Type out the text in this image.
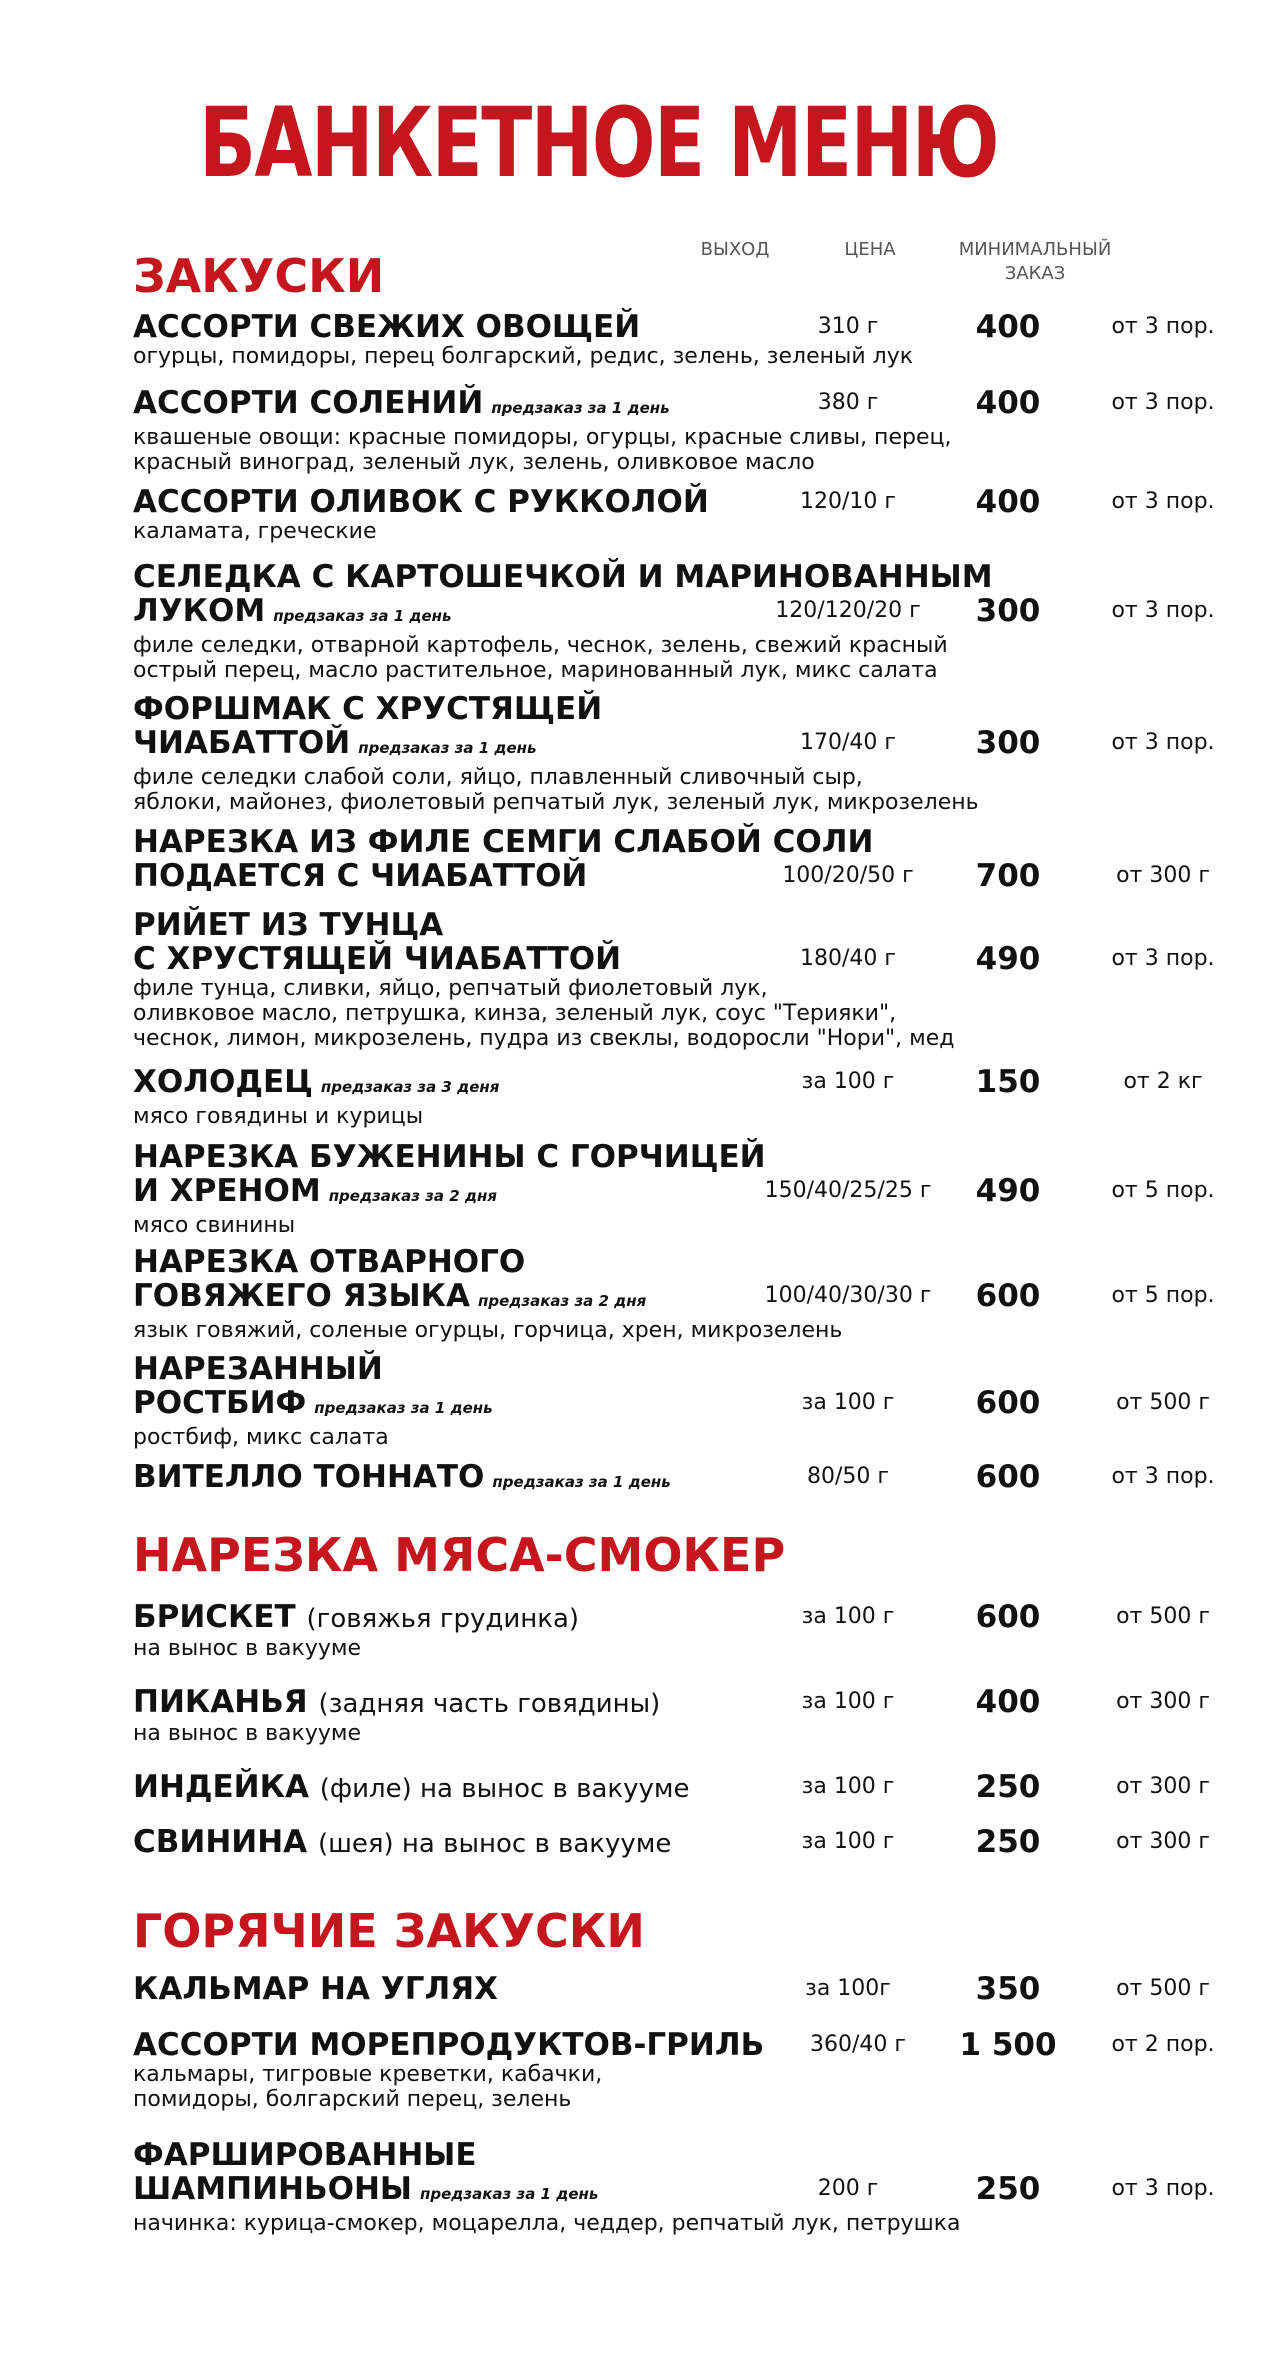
БАНКЕТНОЕ МЕНЮ
ВЫХОД	ЦЕНА	МИНИМАЛЬНЫЙ
ЗАКАЗ
ЗАКУСКИ
АССОРТИ СВЕЖИХ ОВОЩЕЙ
огурцы, помидоры, перец болгарский, редис, зелень, зеленый лук
310 г	400	от 3 пор.
АССОРТИ СОЛЕНИЙ предзаказ за 1 день
квашеные овощи: красные помидоры, огурцы, красные сливы, перец,
красный виноград, зеленый лук, зелень, оливковое масло
380 г	400	от 3 пор.
АССОРТИ ОЛИВОК С РУККОЛОЙ
каламата, греческие
120/10 г	400	от 3 пор.
СЕЛЕДКА С КАРТОШЕЧКОЙ И МАРИНОВАННЫМ
ЛУКОМ предзаказ за 1 день
филе селедки, отварной картофель, чеснок, зелень, свежий красный
острый перец, масло растительное, маринованный лук, микс салата
120/120/20 г	300	от 3 пор.
ФОРШМАК С ХРУСТЯЩЕЙ
ЧИАБАТТОЙ предзаказ за 1 день
филе селедки слабой соли, яйцо, плавленный сливочный сыр,
яблоки, майонез, фиолетовый репчатый лук, зеленый лук, микрозелень
170/40 г	300	от 3 пор.
НАРЕЗКА ИЗ ФИЛЕ СЕМГИ СЛАБОЙ СОЛИ
ПОДАЕТСЯ С ЧИАБАТТОЙ	100/20/50 г	700	от 300 г
РИЙЕТ ИЗ ТУНЦА
С ХРУСТЯЩЕЙ ЧИАБАТТОЙ
филе тунца, сливки, яйцо, репчатый фиолетовый лук,
оливковое масло, петрушка, кинза, зеленый лук, соус "Терияки",
чеснок, лимон, микрозелень, пудра из свеклы, водоросли "Нори", мед
180/40 г	490	от 3 пор.
ХОЛОДЕЦ предзаказ за 3 деня
мясо говядины и курицы
за 100 г	150	от 2 кг
НАРЕЗКА БУЖЕНИНЫ С ГОРЧИЦЕЙ
И ХРЕНОМ предзаказ за 2 дня
мясо свинины
150/40/25/25 г	490	от 5 пор.
НАРЕЗКА ОТВАРНОГО
ГОВЯЖЕГО ЯЗЫКА предзаказ за 2 дня
язык говяжий, соленые огурцы, горчица, хрен, микрозелень
100/40/30/30 г	600	от 5 пор.
НАРЕЗАННЫЙ
РОСТБИФ предзаказ за 1 день
ростбиф, микс салата
за 100 г	600	от 500 г
ВИТЕЛЛО ТОННАТО предзаказ за 1 день	80/50 г	600	от 3 пор.
НАРЕЗКА МЯСА-СМОКЕР
БРИСКЕТ (говяжья грудинка)
на вынос в вакууме
за 100 г	600	от 500 г
ПИКАНЬЯ (задняя часть говядины)
на вынос в вакууме
за 100 г	400	от 300 г
ИНДЕЙКА (филе) на вынос в вакууме	за 100 г	250	от 300 г
СВИНИНА (шея) на вынос в вакууме	за 100 г	250	от 300 г
ГОРЯЧИЕ ЗАКУСКИ
КАЛЬМАР НА УГЛЯХ	за 100г	350	от 500 г
АССОРТИ МОРЕПРОДУКТОВ-ГРИЛЬ
кальмары, тигровые креветки, кабачки,
помидоры, болгарский перец, зелень
360/40 г	1 500	от 2 пор.
ФАРШИРОВАННЫЕ
ШАМПИНЬОНЫ предзаказ за 1 день
начинка: курица-смокер, моцарелла, чеддер, репчатый лук, петрушка
200 г	250	от 3 пор.
